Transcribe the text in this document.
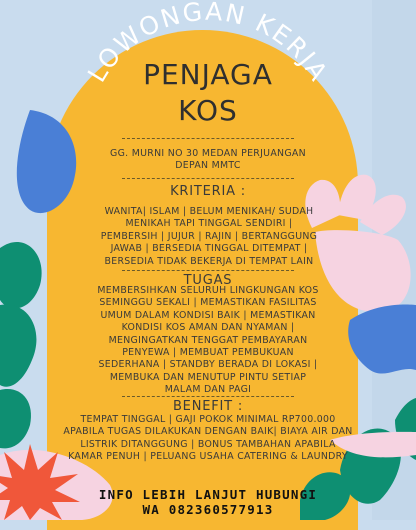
LOWONGAN KERJA
PENJAGA
KOS
GG. MURNI NO 30 MEDAN PERJUANGAN DEPAN MMTC
KRITERIA :
WANITA| ISLAM | BELUM MENIKAH/ SUDAH MENIKAH TAPI TINGGAL SENDIRI | PEMBERSIH | JUJUR | RAJIN | BERTANGGUNG JAWAB | BERSEDIA TINGGAL DITEMPAT | BERSEDIA TIDAK BEKERJA DI TEMPAT LAIN
TUGAS
MEMBERSIHKAN SELURUH LINGKUNGAN KOS SEMINGGU SEKALI | MEMASTIKAN FASILITAS UMUM DALAM KONDISI BAIK | MEMASTIKAN KONDISI KOS AMAN DAN NYAMAN | MENGINGATKAN TENGGAT PEMBAYARAN PENYEWA | MEMBUAT PEMBUKUAN SEDERHANA | STANDBY BERADA DI LOKASI | MEMBUKA DAN MENUTUP PINTU SETIAP MALAM DAN PAGI
BENEFIT :
TEMPAT TINGGAL | GAJI POKOK MINIMAL RP700.000 APABILA TUGAS DILAKUKAN DENGAN BAIK| BIAYA AIR DAN LISTRIK DITANGGUNG | BONUS TAMBAHAN APABILA KAMAR PENUH | PELUANG USAHA CATERING & LAUNDRY
INFO LEBIH LANJUT HUBUNGI
WA 082360577913
